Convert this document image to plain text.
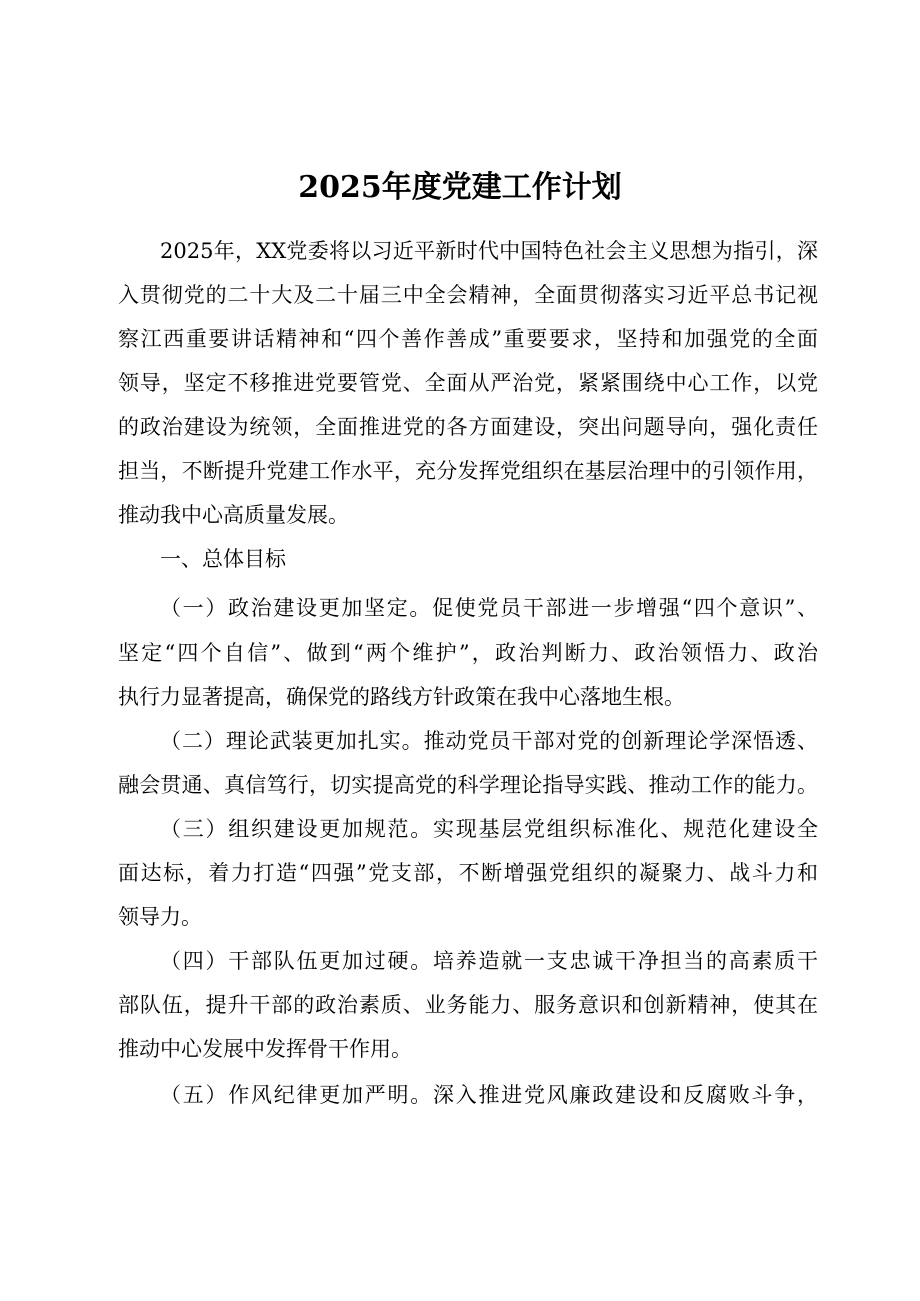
2025年度党建工作计划
2025年，XX党委将以习近平新时代中国特色社会主义思想为指引，深
入贯彻党的二十大及二十届三中全会精神，全面贯彻落实习近平总书记视
察江西重要讲话精神和“四个善作善成”重要要求，坚持和加强党的全面
领导，坚定不移推进党要管党、全面从严治党，紧紧围绕中心工作，以党
的政治建设为统领，全面推进党的各方面建设，突出问题导向，强化责任
担当，不断提升党建工作水平，充分发挥党组织在基层治理中的引领作用，
推动我中心高质量发展。
一、总体目标
（一）政治建设更加坚定。促使党员干部进一步增强“四个意识”、
坚定“四个自信”、做到“两个维护”，政治判断力、政治领悟力、政治
执行力显著提高，确保党的路线方针政策在我中心落地生根。
（二）理论武装更加扎实。推动党员干部对党的创新理论学深悟透、
融会贯通、真信笃行，切实提高党的科学理论指导实践、推动工作的能力。
（三）组织建设更加规范。实现基层党组织标准化、规范化建设全
面达标，着力打造“四强”党支部，不断增强党组织的凝聚力、战斗力和
领导力。
（四）干部队伍更加过硬。培养造就一支忠诚干净担当的高素质干
部队伍，提升干部的政治素质、业务能力、服务意识和创新精神，使其在
推动中心发展中发挥骨干作用。
（五）作风纪律更加严明。深入推进党风廉政建设和反腐败斗争，
